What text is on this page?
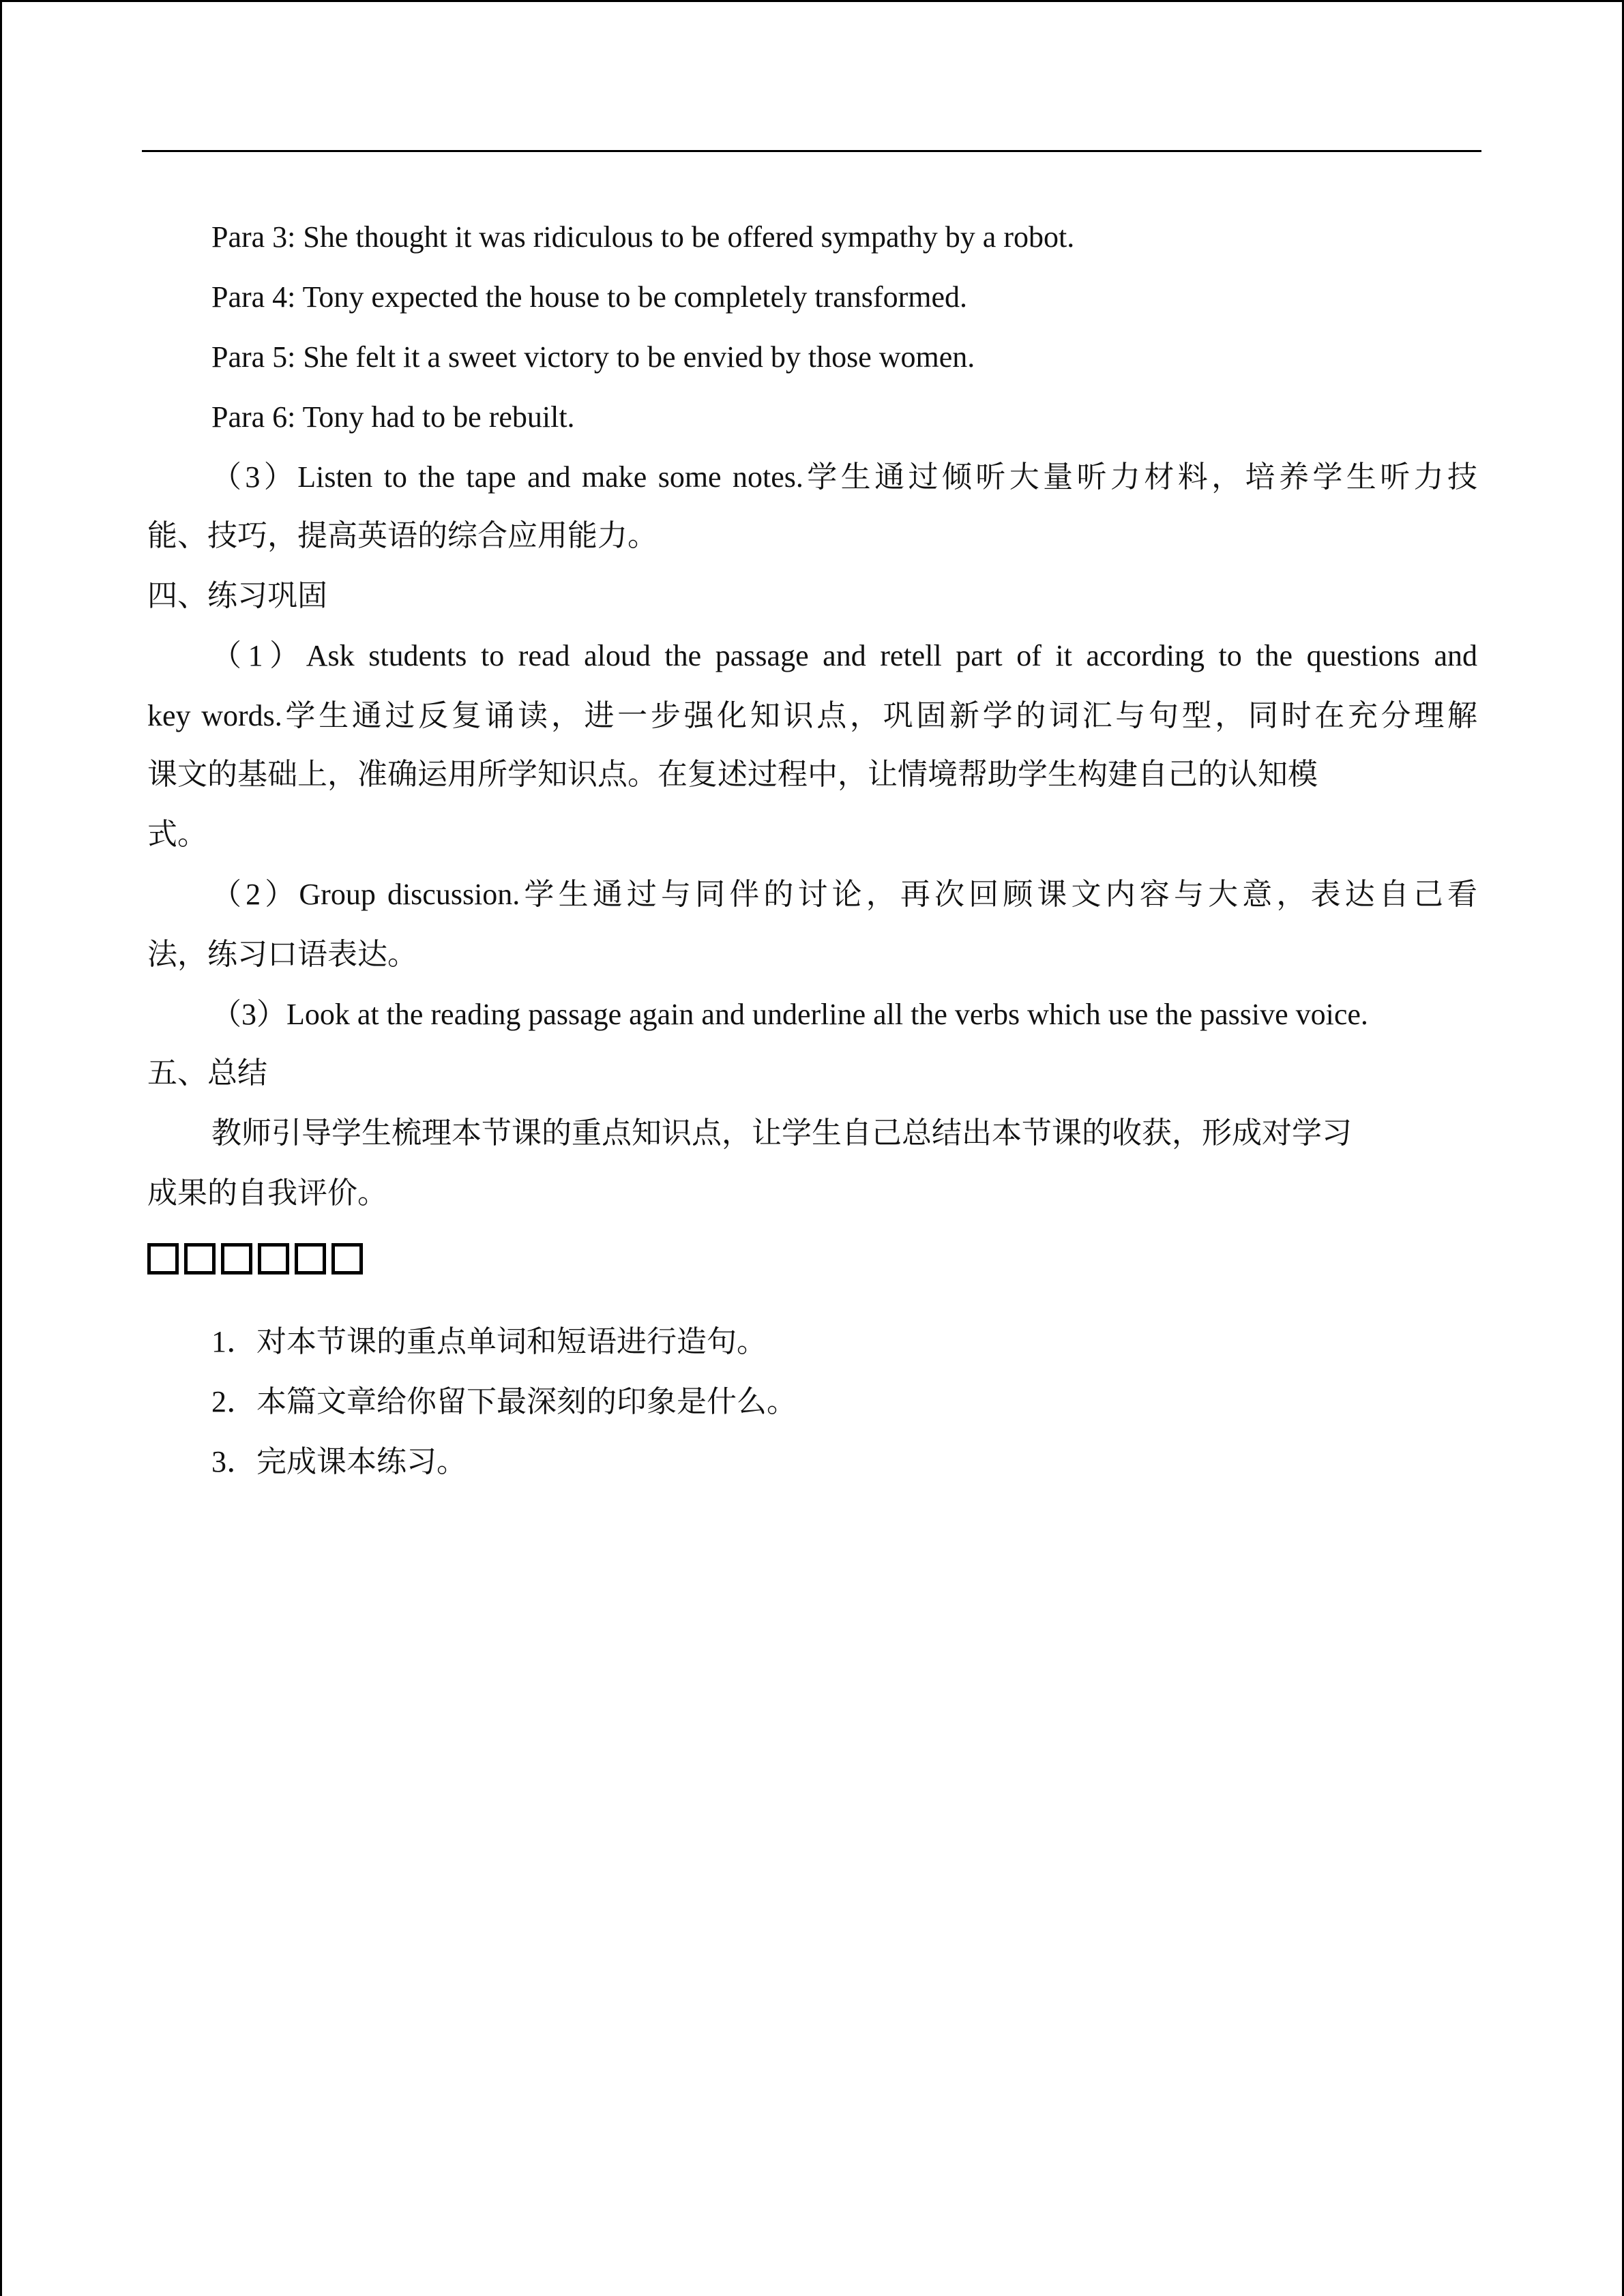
Para 3: She thought it was ridiculous to be offered sympathy by a robot.
Para 4: Tony expected the house to be completely transformed.
Para 5: She felt it a sweet victory to be envied by those women.
Para 6: Tony had to be rebuilt.
（3）Listen to the tape and make some notes.学生通过倾听大量听力材料，培养学生听力技
能、技巧，提高英语的综合应用能力。
四、练习巩固
（1）Ask students to read aloud the passage and retell part of it according to the questions and
key words.学生通过反复诵读，进一步强化知识点，巩固新学的词汇与句型，同时在充分理解
课文的基础上，准确运用所学知识点。在复述过程中，让情境帮助学生构建自己的认知模
式。
（2）Group discussion.学生通过与同伴的讨论，再次回顾课文内容与大意，表达自己看
法，练习口语表达。
（3）Look at the reading passage again and underline all the verbs which use the passive voice.
五、总结
教师引导学生梳理本节课的重点知识点，让学生自己总结出本节课的收获，形成对学习
成果的自我评价。
1．对本节课的重点单词和短语进行造句。
2．本篇文章给你留下最深刻的印象是什么。
3．完成课本练习。
